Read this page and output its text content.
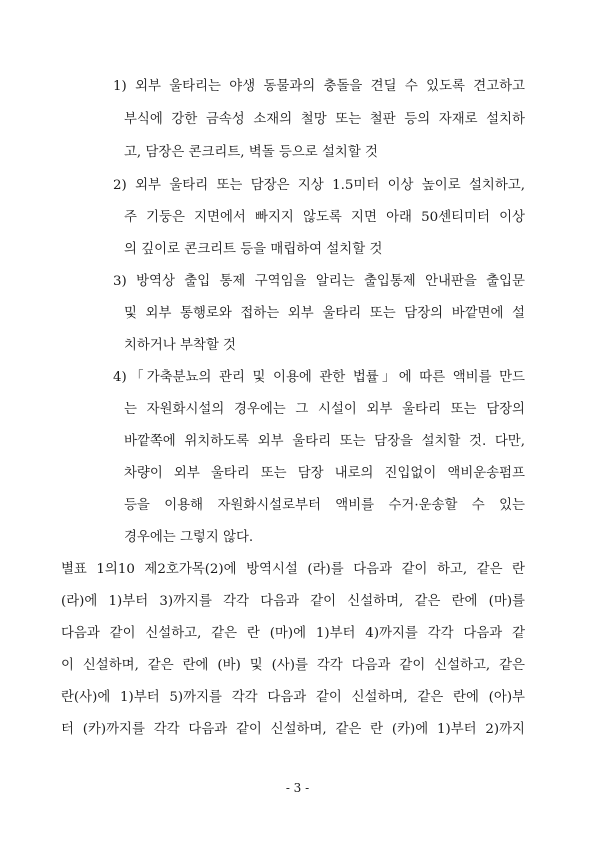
1) 외부 울타리는 야생 동물과의 충돌을 견딜 수 있도록 견고하고

부식에 강한 금속성 소재의 철망 또는 철판 등의 자재로 설치하

고, 담장은 콘크리트, 벽돌 등으로 설치할 것

2) 외부 울타리 또는 담장은 지상 1.5미터 이상 높이로 설치하고,

주 기둥은 지면에서 빠지지 않도록 지면 아래 50센티미터 이상

의 깊이로 콘크리트 등을 매립하여 설치할 것

3) 방역상 출입 통제 구역임을 알리는 출입통제 안내판을 출입문

및 외부 통행로와 접하는 외부 울타리 또는 담장의 바깥면에 설

치하거나 부착할 것

4)「가축분뇨의 관리 및 이용에 관한 법률」에 따른 액비를 만드

는 자원화시설의 경우에는 그 시설이 외부 울타리 또는 담장의

바깥쪽에 위치하도록 외부 울타리 또는 담장을 설치할 것. 다만,

차량이 외부 울타리 또는 담장 내로의 진입없이 액비운송펌프

등을 이용해 자원화시설로부터 액비를 수거·운송할 수 있는

경우에는 그렇지 않다.

별표 1의10 제2호가목(2)에 방역시설 (라)를 다음과 같이 하고, 같은 란

(라)에 1)부터 3)까지를 각각 다음과 같이 신설하며, 같은 란에 (마)를

다음과 같이 신설하고, 같은 란 (마)에 1)부터 4)까지를 각각 다음과 같

이 신설하며, 같은 란에 (바) 및 (사)를 각각 다음과 같이 신설하고, 같은

란(사)에 1)부터 5)까지를 각각 다음과 같이 신설하며, 같은 란에 (아)부

터 (카)까지를 각각 다음과 같이 신설하며, 같은 란 (카)에 1)부터 2)까지

- 3 -
